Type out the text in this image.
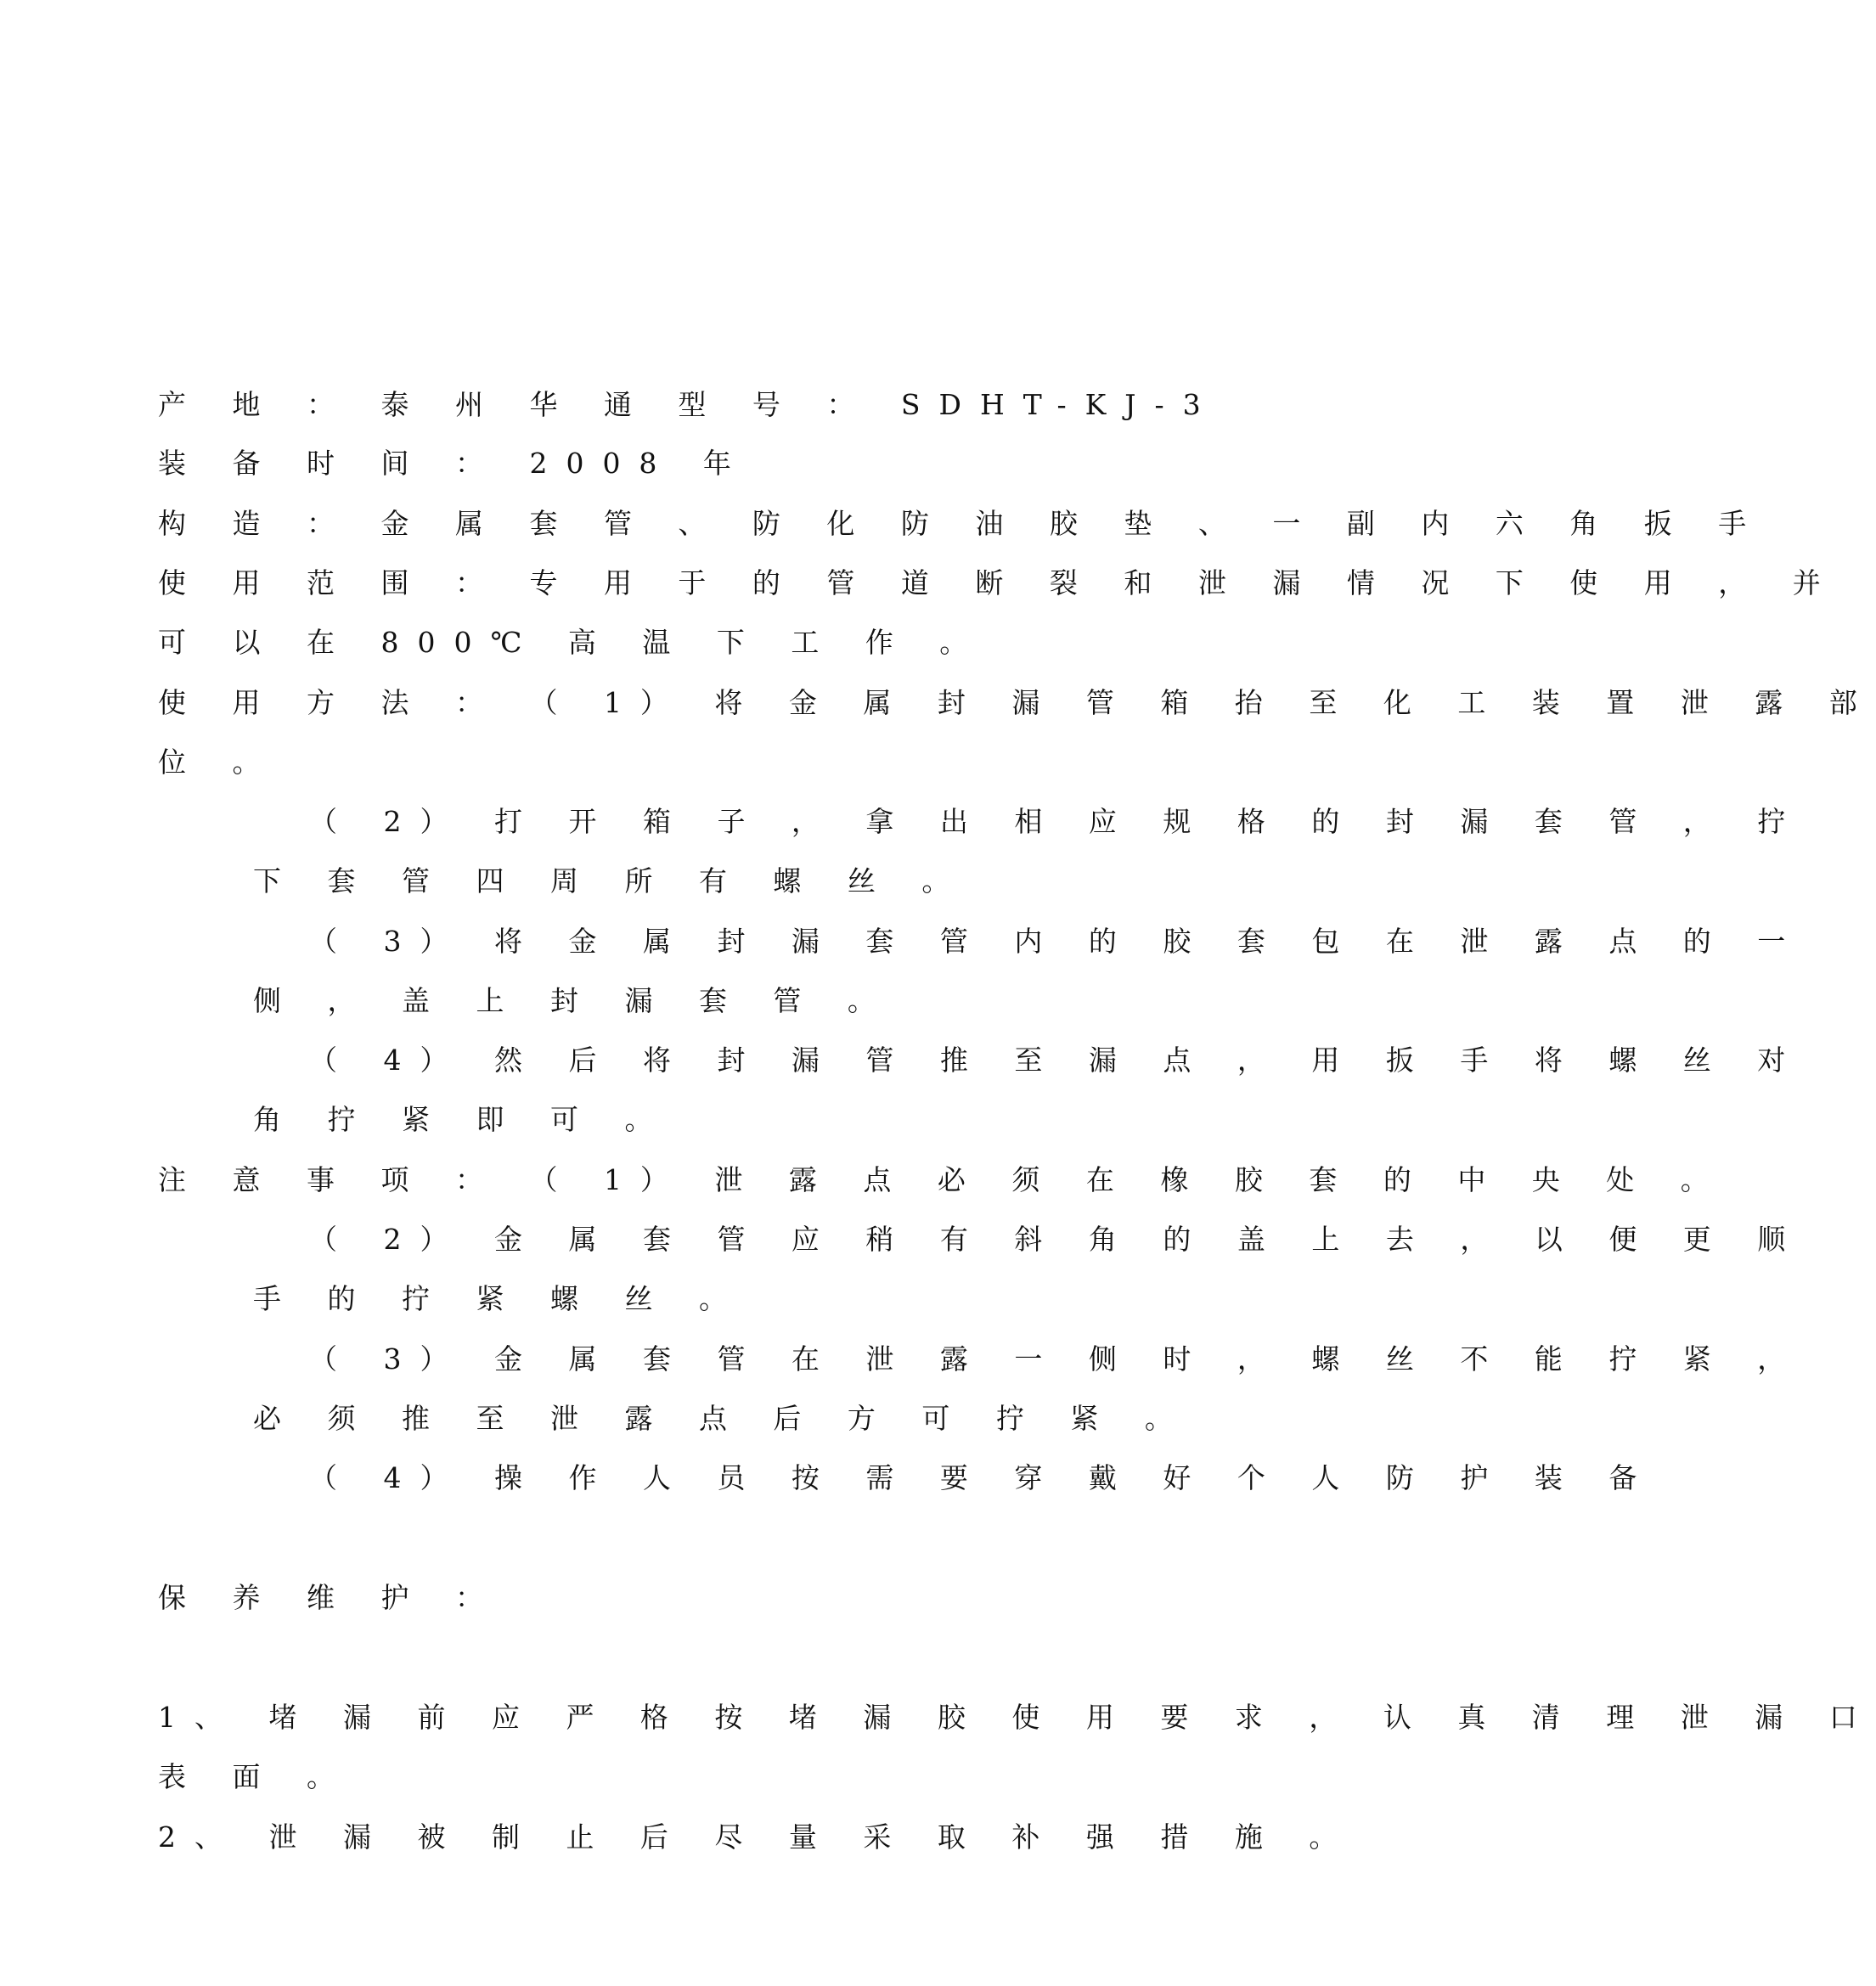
产 地 ： 泰 州 华 通 型 号 ： SDHT-KJ-3
装 备 时 间 ： 2008 年
构 造 ： 金 属 套 管 、 防 化 防 油 胶 垫 、 一 副 内 六 角 扳 手
使 用 范 围 ： 专 用 于 的 管 道 断 裂 和 泄 漏 情 况 下 使 用 ， 并
可 以 在 800℃ 高 温 下 工 作 。
使 用 方 法 ： （ 1） 将 金 属 封 漏 管 箱 抬 至 化 工 装 置 泄 露 部
位 。
（ 2） 打 开 箱 子 ， 拿 出 相 应 规 格 的 封 漏 套 管 ， 拧
下 套 管 四 周 所 有 螺 丝 。
（ 3） 将 金 属 封 漏 套 管 内 的 胶 套 包 在 泄 露 点 的 一
侧 ， 盖 上 封 漏 套 管 。
（ 4） 然 后 将 封 漏 管 推 至 漏 点 ， 用 扳 手 将 螺 丝 对
角 拧 紧 即 可 。
注 意 事 项 ： （ 1） 泄 露 点 必 须 在 橡 胶 套 的 中 央 处 。
（ 2） 金 属 套 管 应 稍 有 斜 角 的 盖 上 去 ， 以 便 更 顺
手 的 拧 紧 螺 丝 。
（ 3） 金 属 套 管 在 泄 露 一 侧 时 ， 螺 丝 不 能 拧 紧 ，
必 须 推 至 泄 露 点 后 方 可 拧 紧 。
（ 4） 操 作 人 员 按 需 要 穿 戴 好 个 人 防 护 装 备
保 养 维 护 ：
1、 堵 漏 前 应 严 格 按 堵 漏 胶 使 用 要 求 ， 认 真 清 理 泄 漏 口
表 面 。
2、 泄 漏 被 制 止 后 尽 量 采 取 补 强 措 施 。
